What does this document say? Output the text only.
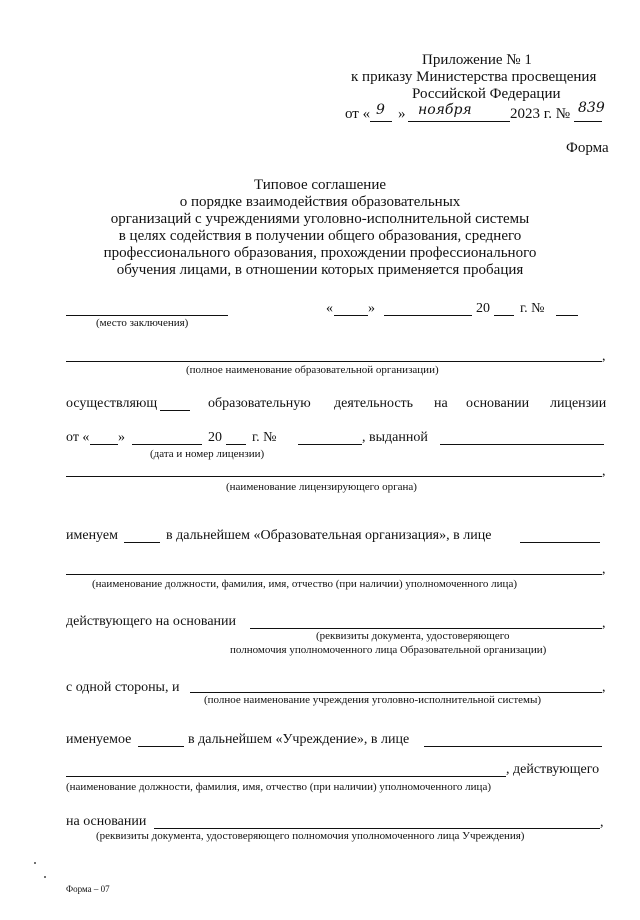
Приложение № 1
к приказу Министерства просвещения
Российской Федерации
от « 9 » ноября	2023 г. № 839
Форма
Типовое соглашение
о порядке взаимодействия образовательных
организаций с учреждениями уголовно-исполнительной системы
в целях содействия в получении общего образования, среднего
профессионального образования, прохождении профессионального
обучения лицами, в отношении которых применяется пробация
(место заключения)
«	»	20 г. №
,
(полное наименование образовательной организации)
осуществляющ	образовательную деятельность на основании лицензии
от « »	20 г. №	, выданной
(дата и номер лицензии)
,
(наименование лицензирующего органа)
именуем	в дальнейшем «Образовательная организация», в лице
,
(наименование должности, фамилия, имя, отчество (при наличии) уполномоченного лица)
действующего на основании	,
(реквизиты документа, удостоверяющего
полномочия уполномоченного лица Образовательной организации)
с одной стороны, и	,
(полное наименование учреждения уголовно-исполнительной системы)
именуемое	в дальнейшем «Учреждение», в лице
, действующего
(наименование должности, фамилия, имя, отчество (при наличии) уполномоченного лица)
на основании	,
(реквизиты документа, удостоверяющего полномочия уполномоченного лица Учреждения)
Форма – 07
